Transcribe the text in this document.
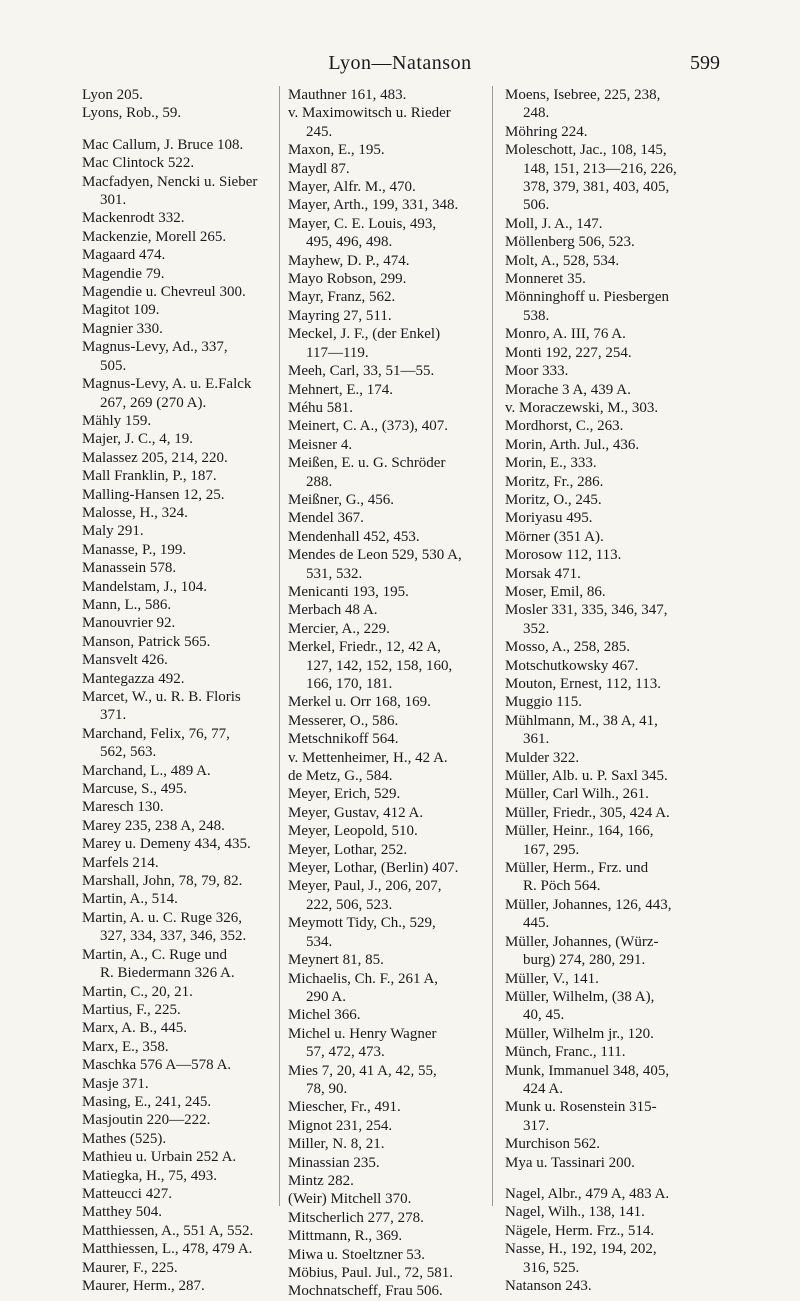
Lyon—Natanson	599
Lyon 205.
Lyons, Rob., 59.
Mac Callum, J. Bruce 108.
Mac Clintock 522.
Macfadyen, Nencki u. Sieber
301.
Mackenrodt 332.
Mackenzie, Morell 265.
Magaard 474.
Magendie 79.
Magendie u. Chevreul 300.
Magitot 109.
Magnier 330.
Magnus-Levy, Ad., 337,
505.
Magnus-Levy, A. u. E.Falck
267, 269 (270 A).
Mähly 159.
Majer, J. C., 4, 19.
Malassez 205, 214, 220.
Mall Franklin, P., 187.
Malling-Hansen 12, 25.
Malosse, H., 324.
Maly 291.
Manasse, P., 199.
Manassein 578.
Mandelstam, J., 104.
Mann, L., 586.
Manouvrier 92.
Manson, Patrick 565.
Mansvelt 426.
Mantegazza 492.
Marcet, W., u. R. B. Floris
371.
Marchand, Felix, 76, 77,
562, 563.
Marchand, L., 489 A.
Marcuse, S., 495.
Maresch 130.
Marey 235, 238 A, 248.
Marey u. Demeny 434, 435.
Marfels 214.
Marshall, John, 78, 79, 82.
Martin, A., 514.
Martin, A. u. C. Ruge 326,
327, 334, 337, 346, 352.
Martin, A., C. Ruge und
R. Biedermann 326 A.
Martin, C., 20, 21.
Martius, F., 225.
Marx, A. B., 445.
Marx, E., 358.
Maschka 576 A—578 A.
Masje 371.
Masing, E., 241, 245.
Masjoutin 220—222.
Mathes (525).
Mathieu u. Urbain 252 A.
Matiegka, H., 75, 493.
Matteucci 427.
Matthey 504.
Matthiessen, A., 551 A, 552.
Matthiessen, L., 478, 479 A.
Maurer, F., 225.
Maurer, Herm., 287.
Mauthner 161, 483.
v. Maximowitsch u. Rieder
245.
Maxon, E., 195.
Maydl 87.
Mayer, Alfr. M., 470.
Mayer, Arth., 199, 331, 348.
Mayer, C. E. Louis, 493,
495, 496, 498.
Mayhew, D. P., 474.
Mayo Robson, 299.
Mayr, Franz, 562.
Mayring 27, 511.
Meckel, J. F., (der Enkel)
117—119.
Meeh, Carl, 33, 51—55.
Mehnert, E., 174.
Méhu 581.
Meinert, C. A., (373), 407.
Meisner 4.
Meißen, E. u. G. Schröder
288.
Meißner, G., 456.
Mendel 367.
Mendenhall 452, 453.
Mendes de Leon 529, 530 A,
531, 532.
Menicanti 193, 195.
Merbach 48 A.
Mercier, A., 229.
Merkel, Friedr., 12, 42 A,
127, 142, 152, 158, 160,
166, 170, 181.
Merkel u. Orr 168, 169.
Messerer, O., 586.
Metschnikoff 564.
v. Mettenheimer, H., 42 A.
de Metz, G., 584.
Meyer, Erich, 529.
Meyer, Gustav, 412 A.
Meyer, Leopold, 510.
Meyer, Lothar, 252.
Meyer, Lothar, (Berlin) 407.
Meyer, Paul, J., 206, 207,
222, 506, 523.
Meymott Tidy, Ch., 529,
534.
Meynert 81, 85.
Michaelis, Ch. F., 261 A,
290 A.
Michel 366.
Michel u. Henry Wagner
57, 472, 473.
Mies 7, 20, 41 A, 42, 55,
78, 90.
Miescher, Fr., 491.
Mignot 231, 254.
Miller, N. 8, 21.
Minassian 235.
Mintz 282.
(Weir) Mitchell 370.
Mitscherlich 277, 278.
Mittmann, R., 369.
Miwa u. Stoeltzner 53.
Möbius, Paul. Jul., 72, 581.
Mochnatscheff, Frau 506.
Moens, Isebree, 225, 238,
248.
Möhring 224.
Moleschott, Jac., 108, 145,
148, 151, 213—216, 226,
378, 379, 381, 403, 405,
506.
Moll, J. A., 147.
Möllenberg 506, 523.
Molt, A., 528, 534.
Monneret 35.
Mönninghoff u. Piesbergen
538.
Monro, A. III, 76 A.
Monti 192, 227, 254.
Moor 333.
Morache 3 A, 439 A.
v. Moraczewski, M., 303.
Mordhorst, C., 263.
Morin, Arth. Jul., 436.
Morin, E., 333.
Moritz, Fr., 286.
Moritz, O., 245.
Moriyasu 495.
Mörner (351 A).
Morosow 112, 113.
Morsak 471.
Moser, Emil, 86.
Mosler 331, 335, 346, 347,
352.
Mosso, A., 258, 285.
Motschutkowsky 467.
Mouton, Ernest, 112, 113.
Muggio 115.
Mühlmann, M., 38 A, 41,
361.
Mulder 322.
Müller, Alb. u. P. Saxl 345.
Müller, Carl Wilh., 261.
Müller, Friedr., 305, 424 A.
Müller, Heinr., 164, 166,
167, 295.
Müller, Herm., Frz. und
R. Pöch 564.
Müller, Johannes, 126, 443,
445.
Müller, Johannes, (Würz-
burg) 274, 280, 291.
Müller, V., 141.
Müller, Wilhelm, (38 A),
40, 45.
Müller, Wilhelm jr., 120.
Münch, Franc., 111.
Munk, Immanuel 348, 405,
424 A.
Munk u. Rosenstein 315-
317.
Murchison 562.
Mya u. Tassinari 200.
Nagel, Albr., 479 A, 483 A.
Nagel, Wilh., 138, 141.
Nägele, Herm. Frz., 514.
Nasse, H., 192, 194, 202,
316, 525.
Natanson 243.
